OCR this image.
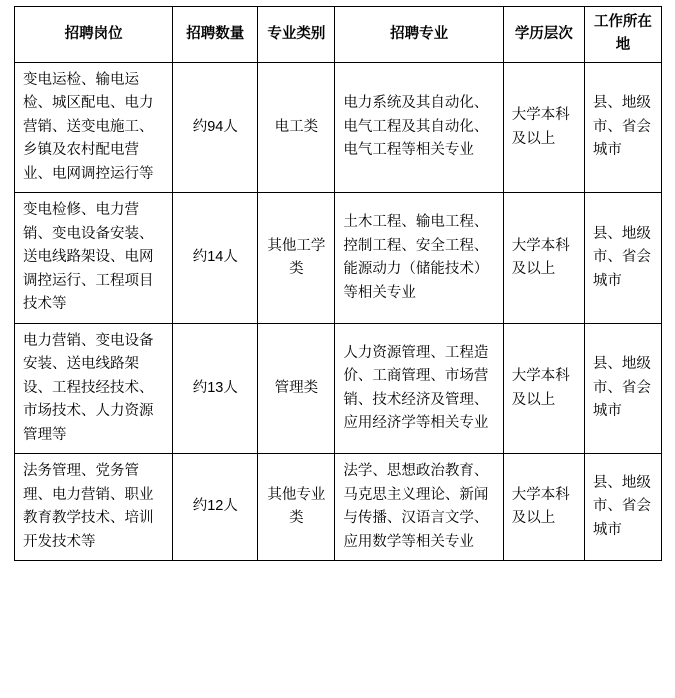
招聘岗位	招聘数量	专业类别	招聘专业	学历层次	工作所在地
变电运检、输电运检、城区配电、电力营销、送变电施工、乡镇及农村配电营业、电网调控运行等	约94人	电工类	电力系统及其自动化、电气工程及其自动化、电气工程等相关专业	大学本科及以上	县、地级市、省会城市
变电检修、电力营销、变电设备安装、送电线路架设、电网调控运行、工程项目技术等	约14人	其他工学类	土木工程、输电工程、控制工程、安全工程、能源动力（储能技术）等相关专业	大学本科及以上	县、地级市、省会城市
电力营销、变电设备安装、送电线路架设、工程技经技术、市场技术、人力资源管理等	约13人	管理类	人力资源管理、工程造价、工商管理、市场营销、技术经济及管理、应用经济学等相关专业	大学本科及以上	县、地级市、省会城市
法务管理、党务管理、电力营销、职业教育教学技术、培训开发技术等	约12人	其他专业类	法学、思想政治教育、马克思主义理论、新闻与传播、汉语言文学、应用数学等相关专业	大学本科及以上	县、地级市、省会城市
